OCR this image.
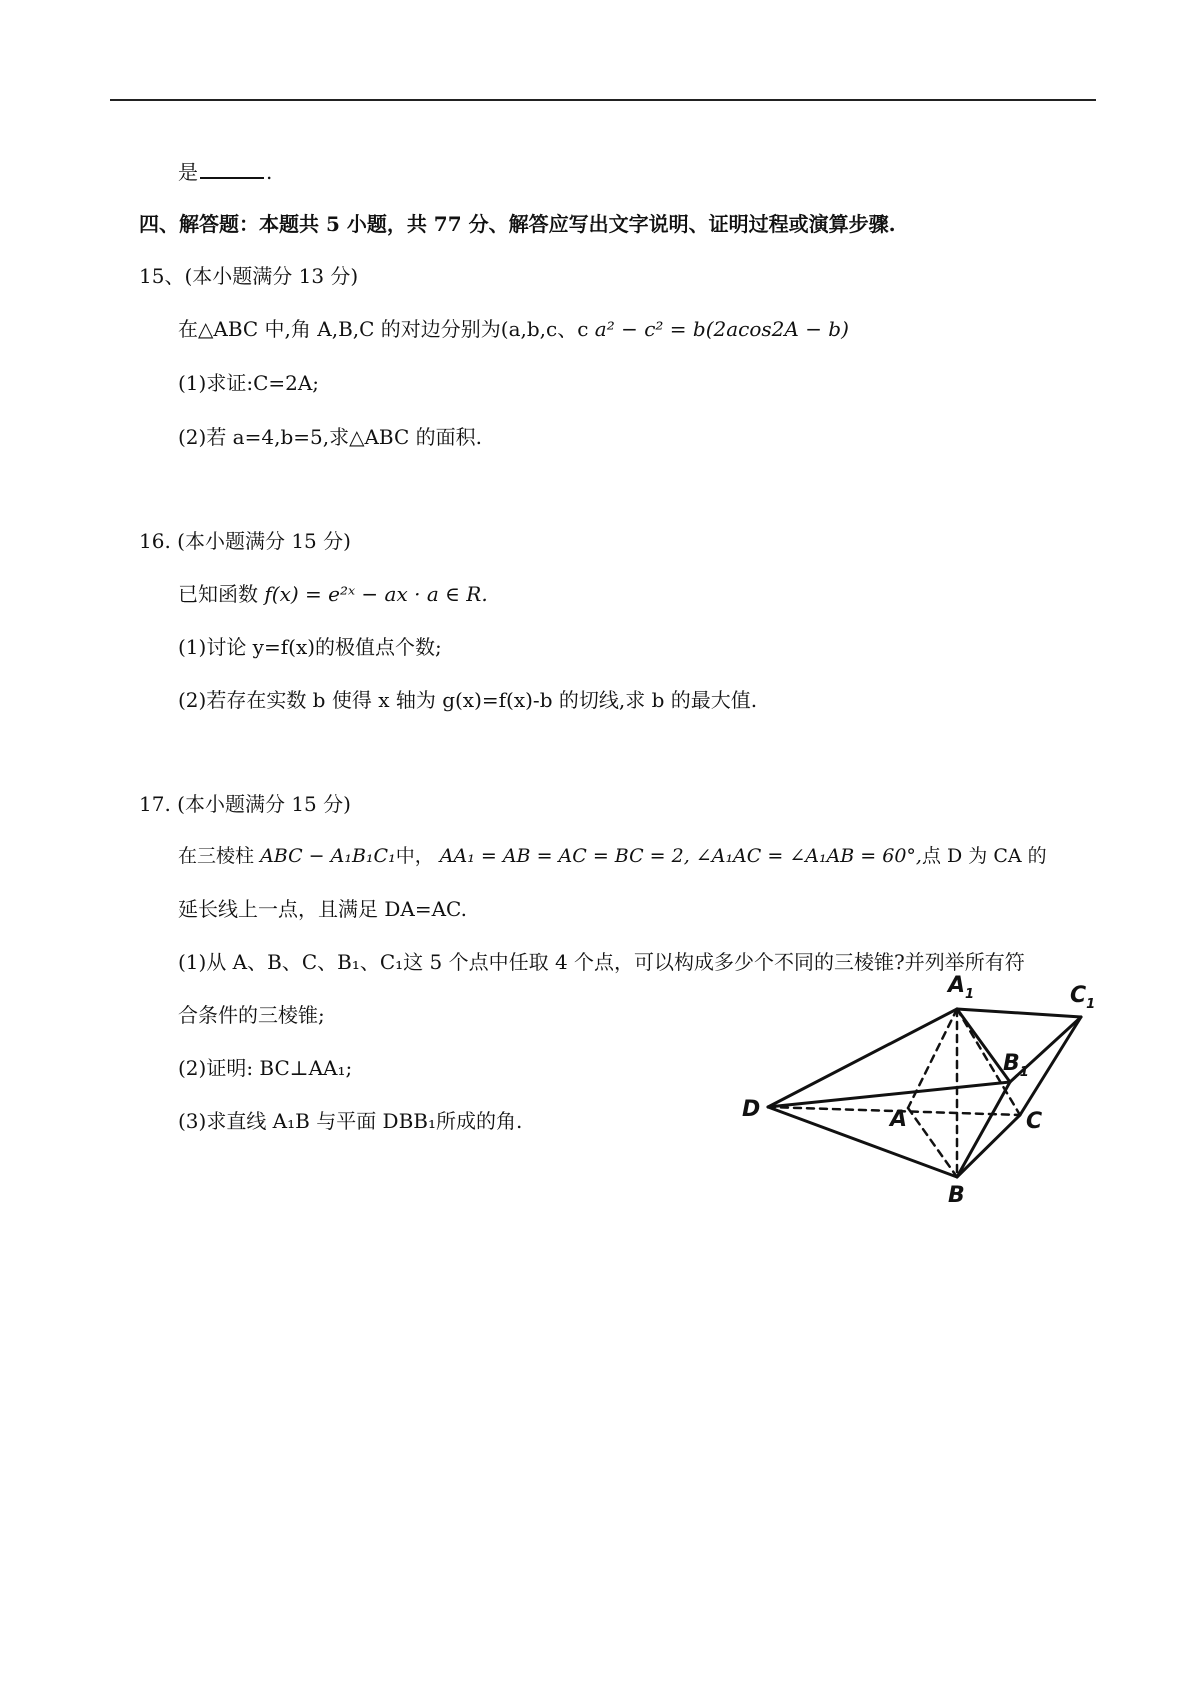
是	.
四、解答题：本题共 5 小题，共 77 分、解答应写出文字说明、证明过程或演算步骤.
15、(本小题满分 13 分)
在△ABC 中,角 A,B,C 的对边分别为(a,b,c、c a² − c² = b(2acos2A − b)
(1)求证:C=2A;
(2)若 a=4,b=5,求△ABC 的面积.
16. (本小题满分 15 分)
已知函数 f(x) = e²ˣ − ax · a ∈ R.
(1)讨论 y=f(x)的极值点个数;
(2)若存在实数 b 使得 x 轴为 g(x)=f(x)-b 的切线,求 b 的最大值.
17. (本小题满分 15 分)
在三棱柱 ABC − A₁B₁C₁中， AA₁ = AB = AC = BC = 2, ∠A₁AC = ∠A₁AB = 60°,点 D 为 CA 的
延长线上一点，且满足 DA=AC.
(1)从 A、B、C、B₁、C₁这 5 个点中任取 4 个点，可以构成多少个不同的三棱锥?并列举所有符
合条件的三棱锥;
(2)证明: BC⊥AA₁;
(3)求直线 A₁B 与平面 DBB₁所成的角.
$A_1$
$B_1$
$C_1$
D	A
B
C
